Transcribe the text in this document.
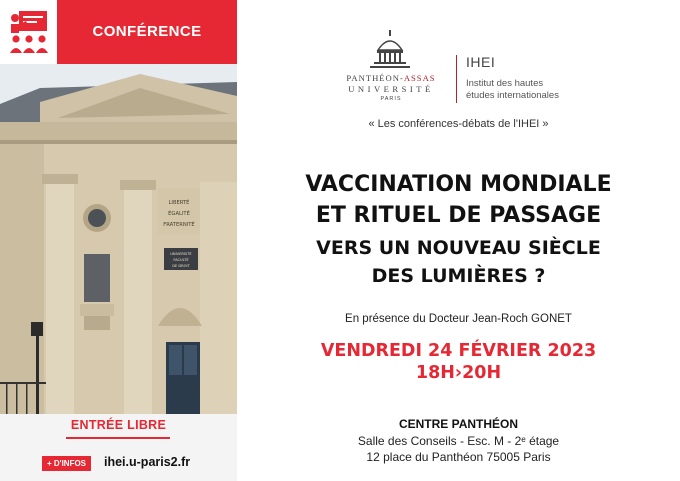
CONFÉRENCE
LIBERTÉ
ÉGALITÉ
FRATERNITÉ
UNIVERSITÉ
FACULTÉ
DE DROIT
ENTRÉE LIBRE
+ D'INFOS	ihei.u-paris2.fr
PANTHÉON-ASSAS
UNIVERSITÉ
PARIS
IHEI
Institut des hautes
études internationales
« Les conférences-débats de l'IHEI »
VACCINATION MONDIALE
ET RITUEL DE PASSAGE
VERS UN NOUVEAU SIÈCLE
DES LUMIÈRES ?
En présence du Docteur Jean-Roch GONET
VENDREDI 24 FÉVRIER 2023
18H›20H
CENTRE PANTHÉON
Salle des Conseils - Esc. M - 2ᵉ étage
12 place du Panthéon 75005 Paris
